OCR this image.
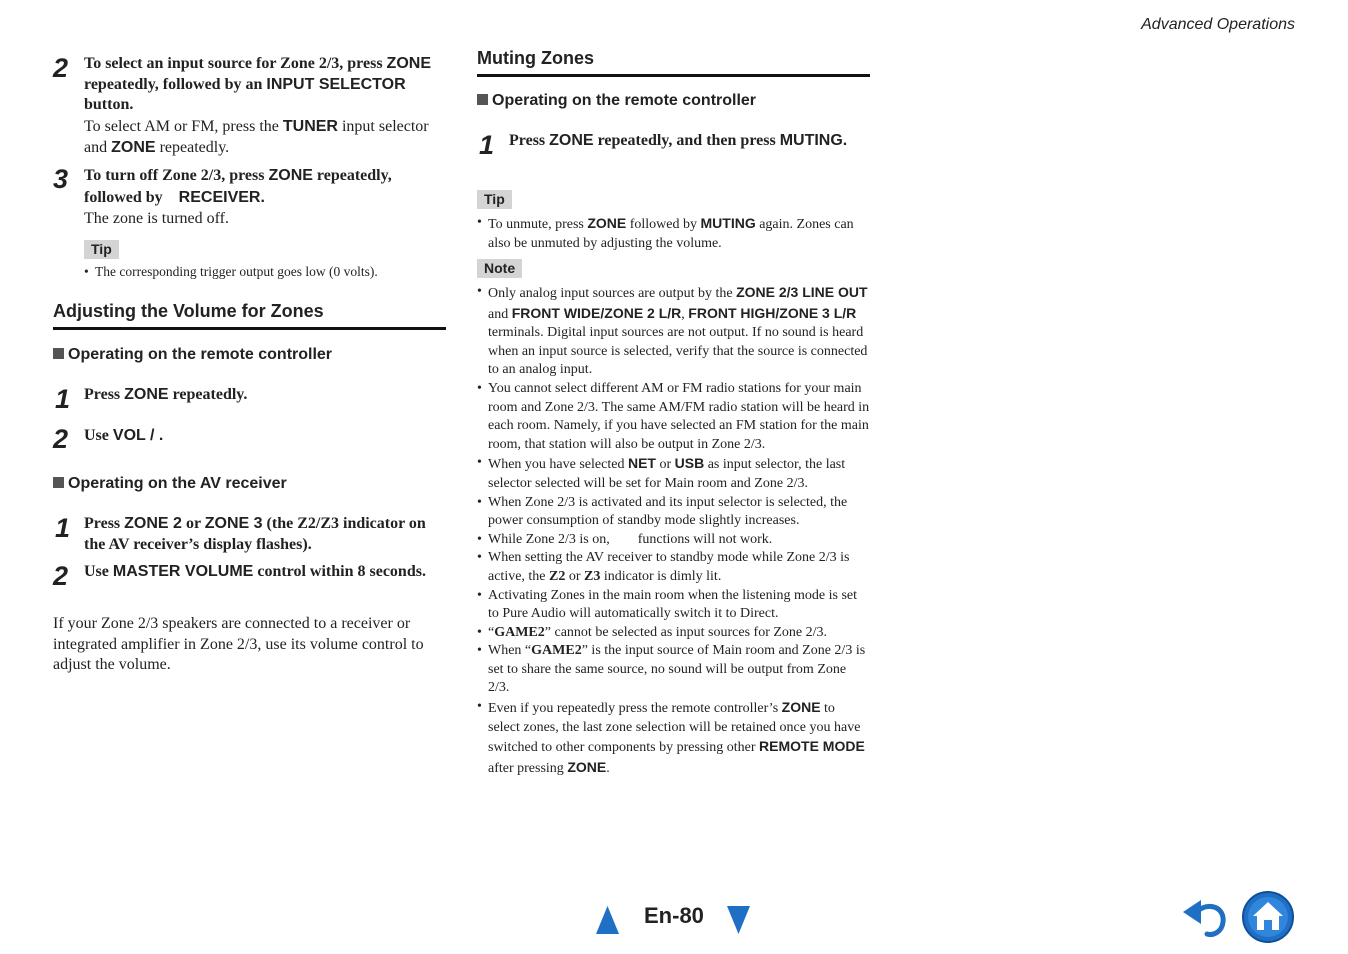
Advanced Operations
2 To select an input source for Zone 2/3, press ZONE
repeatedly, followed by an INPUT SELECTOR
button.
To select AM or FM, press the TUNER input selector
and ZONE repeatedly.
3 To turn off Zone 2/3, press ZONE repeatedly,
followed by    RECEIVER.
The zone is turned off.
Tip
• The corresponding trigger output goes low (0 volts).
Adjusting the Volume for Zones
Operating on the remote controller
1 Press ZONE repeatedly.
2 Use VOL / .
Operating on the AV receiver
1 Press ZONE 2 or ZONE 3 (the Z2/Z3 indicator on
the AV receiver’s display flashes).
2 Use MASTER VOLUME control within 8 seconds.
If your Zone 2/3 speakers are connected to a receiver or integrated amplifier in Zone 2/3, use its volume control to adjust the volume.
Muting Zones
Operating on the remote controller
1 Press ZONE repeatedly, and then press MUTING.
Tip
• To unmute, press ZONE followed by MUTING again. Zones can also be unmuted by adjusting the volume.
Note
• Only analog input sources are output by the ZONE 2/3 LINE OUT and FRONT WIDE/ZONE 2 L/R, FRONT HIGH/ZONE 3 L/R terminals. Digital input sources are not output. If no sound is heard when an input source is selected, verify that the source is connected to an analog input.
• You cannot select different AM or FM radio stations for your main room and Zone 2/3. The same AM/FM radio station will be heard in each room. Namely, if you have selected an FM station for the main room, that station will also be output in Zone 2/3.
• When you have selected NET or USB as input selector, the last selector selected will be set for Main room and Zone 2/3.
• When Zone 2/3 is activated and its input selector is selected, the power consumption of standby mode slightly increases.
• While Zone 2/3 is on,        functions will not work.
• When setting the AV receiver to standby mode while Zone 2/3 is active, the Z2 or Z3 indicator is dimly lit.
• Activating Zones in the main room when the listening mode is set to Pure Audio will automatically switch it to Direct.
• “GAME2” cannot be selected as input sources for Zone 2/3.
• When “GAME2” is the input source of Main room and Zone 2/3 is set to share the same source, no sound will be output from Zone 2/3.
• Even if you repeatedly press the remote controller’s ZONE to select zones, the last zone selection will be retained once you have switched to other components by pressing other REMOTE MODE after pressing ZONE.
En-80
